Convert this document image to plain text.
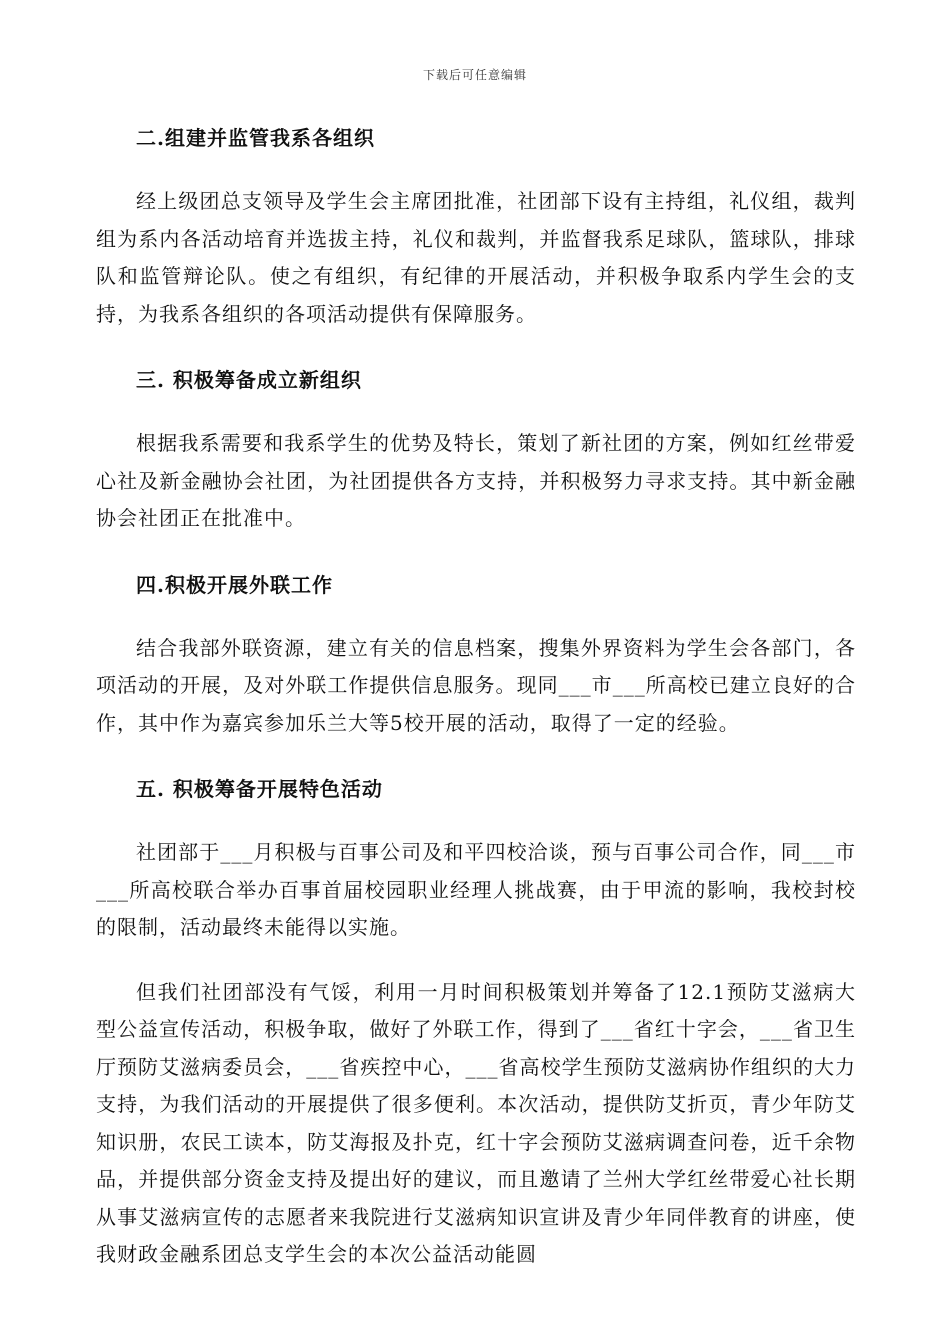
下载后可任意编辑
二.组建并监管我系各组织

经上级团总支领导及学生会主席团批准，社团部下设有主持组，礼仪组，裁判组为系内各活动培育并选拔主持，礼仪和裁判，并监督我系足球队，篮球队，排球队和监管辩论队。使之有组织，有纪律的开展活动，并积极争取系内学生会的支持，为我系各组织的各项活动提供有保障服务。

三. 积极筹备成立新组织

根据我系需要和我系学生的优势及特长，策划了新社团的方案，例如红丝带爱心社及新金融协会社团，为社团提供各方支持，并积极努力寻求支持。其中新金融协会社团正在批准中。

四.积极开展外联工作

结合我部外联资源，建立有关的信息档案，搜集外界资料为学生会各部门，各项活动的开展，及对外联工作提供信息服务。现同___市___所高校已建立良好的合作，其中作为嘉宾参加乐兰大等5校开展的活动，取得了一定的经验。

五. 积极筹备开展特色活动

社团部于___月积极与百事公司及和平四校洽谈，预与百事公司合作，同___市___所高校联合举办百事首届校园职业经理人挑战赛，由于甲流的影响，我校封校的限制，活动最终未能得以实施。

但我们社团部没有气馁，利用一月时间积极策划并筹备了12.1预防艾滋病大型公益宣传活动，积极争取，做好了外联工作，得到了___省红十字会，___省卫生厅预防艾滋病委员会，___省疾控中心，___省高校学生预防艾滋病协作组织的大力支持，为我们活动的开展提供了很多便利。本次活动，提供防艾折页，青少年防艾知识册，农民工读本，防艾海报及扑克，红十字会预防艾滋病调查问卷，近千余物品，并提供部分资金支持及提出好的建议，而且邀请了兰州大学红丝带爱心社长期从事艾滋病宣传的志愿者来我院进行艾滋病知识宣讲及青少年同伴教育的讲座，使我财政金融系团总支学生会的本次公益活动能圆
